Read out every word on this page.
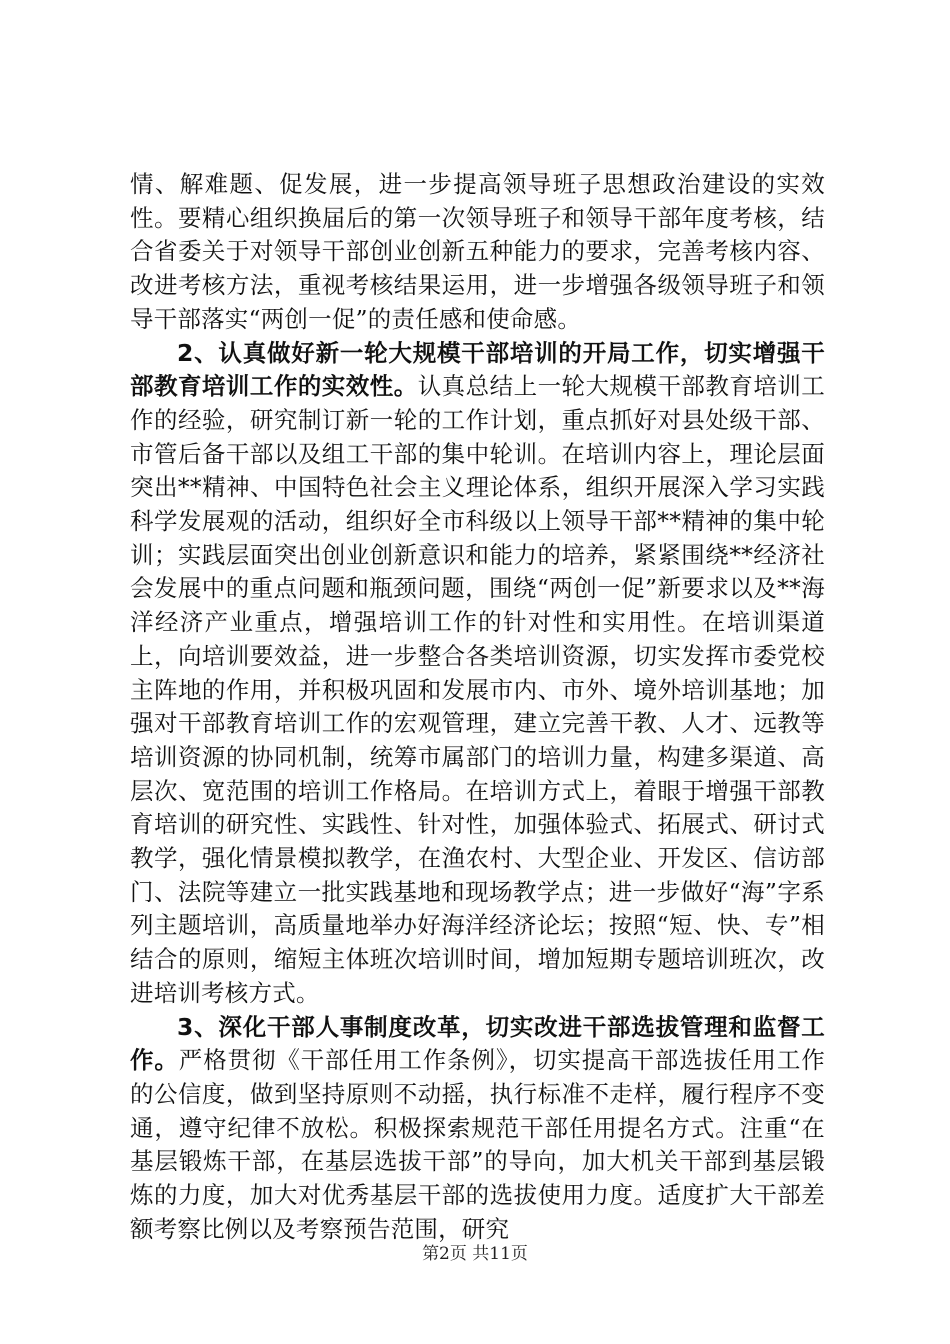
情、解难题、促发展，进一步提高领导班子思想政治建设的实效性。要精心组织换届后的第一次领导班子和领导干部年度考核，结合省委关于对领导干部创业创新五种能力的要求，完善考核内容、改进考核方法，重视考核结果运用，进一步增强各级领导班子和领导干部落实“两创一促”的责任感和使命感。

2、认真做好新一轮大规模干部培训的开局工作，切实增强干部教育培训工作的实效性。认真总结上一轮大规模干部教育培训工作的经验，研究制订新一轮的工作计划，重点抓好对县处级干部、市管后备干部以及组工干部的集中轮训。在培训内容上，理论层面突出**精神、中国特色社会主义理论体系，组织开展深入学习实践科学发展观的活动，组织好全市科级以上领导干部**精神的集中轮训；实践层面突出创业创新意识和能力的培养，紧紧围绕**经济社会发展中的重点问题和瓶颈问题，围绕“两创一促”新要求以及**海洋经济产业重点，增强培训工作的针对性和实用性。在培训渠道上，向培训要效益，进一步整合各类培训资源，切实发挥市委党校主阵地的作用，并积极巩固和发展市内、市外、境外培训基地；加强对干部教育培训工作的宏观管理，建立完善干教、人才、远教等培训资源的协同机制，统筹市属部门的培训力量，构建多渠道、高层次、宽范围的培训工作格局。在培训方式上，着眼于增强干部教育培训的研究性、实践性、针对性，加强体验式、拓展式、研讨式教学，强化情景模拟教学，在渔农村、大型企业、开发区、信访部门、法院等建立一批实践基地和现场教学点；进一步做好“海”字系列主题培训，高质量地举办好海洋经济论坛；按照“短、快、专”相结合的原则，缩短主体班次培训时间，增加短期专题培训班次，改进培训考核方式。

3、深化干部人事制度改革，切实改进干部选拔管理和监督工作。严格贯彻《干部任用工作条例》，切实提高干部选拔任用工作的公信度，做到坚持原则不动摇，执行标准不走样，履行程序不变通，遵守纪律不放松。积极探索规范干部任用提名方式。注重“在基层锻炼干部，在基层选拔干部”的导向，加大机关干部到基层锻炼的力度，加大对优秀基层干部的选拔使用力度。适度扩大干部差额考察比例以及考察预告范围，研究

第2页 共11页
